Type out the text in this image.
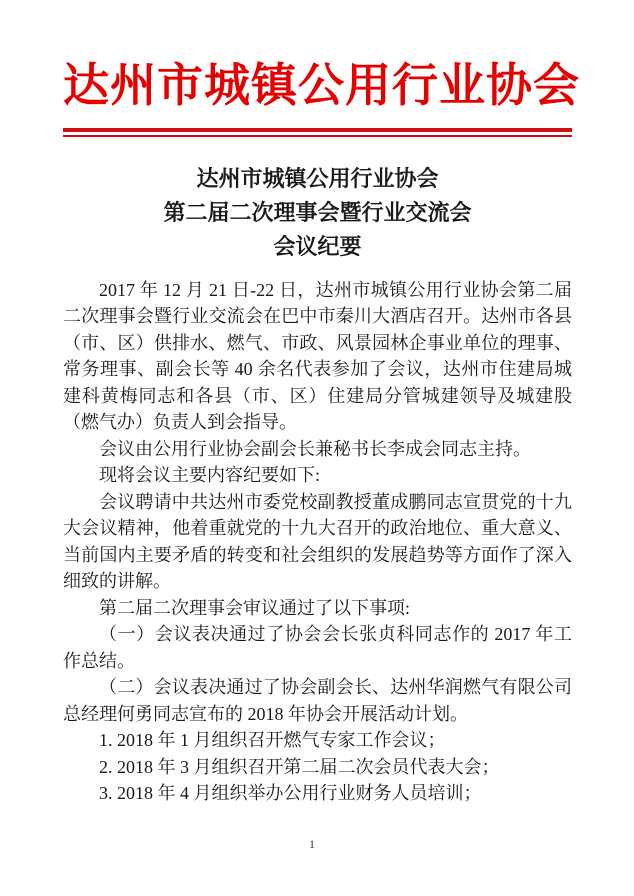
达州市城镇公用行业协会
达州市城镇公用行业协会
第二届二次理事会暨行业交流会
会议纪要

2017 年 12 月 21 日-22 日，达州市城镇公用行业协会第二届二次理事会暨行业交流会在巴中市秦川大酒店召开。达州市各县（市、区）供排水、燃气、市政、风景园林企事业单位的理事、常务理事、副会长等 40 余名代表参加了会议，达州市住建局城建科黄梅同志和各县（市、区）住建局分管城建领导及城建股（燃气办）负责人到会指导。

会议由公用行业协会副会长兼秘书长李成会同志主持。

现将会议主要内容纪要如下:

会议聘请中共达州市委党校副教授董成鹏同志宣贯党的十九大会议精神，他着重就党的十九大召开的政治地位、重大意义、当前国内主要矛盾的转变和社会组织的发展趋势等方面作了深入细致的讲解。

第二届二次理事会审议通过了以下事项:

（一）会议表决通过了协会会长张贞科同志作的 2017 年工作总结。

（二）会议表决通过了协会副会长、达州华润燃气有限公司总经理何勇同志宣布的 2018 年协会开展活动计划。

1. 2018 年 1 月组织召开燃气专家工作会议；

2. 2018 年 3 月组织召开第二届二次会员代表大会；

3. 2018 年 4 月组织举办公用行业财务人员培训；

1
